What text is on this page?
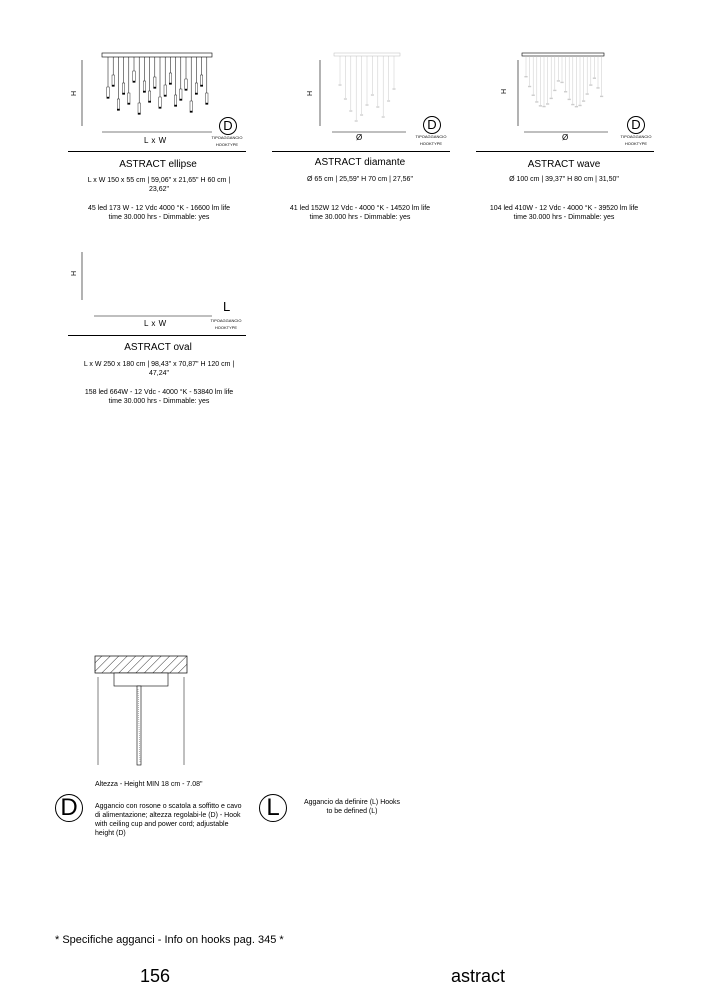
H
L x W
D
TIPOAGGANCIO
HOOKTYPE
ASTRACT ellipse
L x W 150 x 55 cm | 59,06" x 21,65" H 60 cm | 23,62"
45 led 173 W - 12 Vdc 4000 °K - 16600 lm life time 30.000 hrs - Dimmable: yes
H
Ø
D
TIPOAGGANCIO
HOOKTYPE
ASTRACT diamante
Ø 65 cm | 25,59" H 70 cm | 27,56"
41 led 152W 12 Vdc - 4000 °K - 14520 lm life time 30.000 hrs - Dimmable: yes
H
Ø
D
TIPOAGGANCIO
HOOKTYPE
ASTRACT wave
Ø 100 cm | 39,37" H 80 cm | 31,50"
104 led 410W - 12 Vdc - 4000 °K - 39520 lm life time 30.000 hrs - Dimmable: yes
H
L x W
L
TIPOAGGANCIO
HOOKTYPE
ASTRACT oval
L x W 250 x 180 cm | 98,43" x 70,87" H 120 cm | 47,24"
158 led 664W - 12 Vdc - 4000 °K - 53840 lm life time 30.000 hrs - Dimmable: yes
Altezza - Height MIN 18 cm - 7.08"
D	Aggancio con rosone o scatola a soffitto e cavo di alimentazione; altezza regolabi-le (D) - Hook with ceiling cup and power cord; adjustable height (D)
L	Aggancio da definire (L) Hooks to be defined (L)
* Specifiche agganci - Info on hooks pag. 345 *
156	astract
